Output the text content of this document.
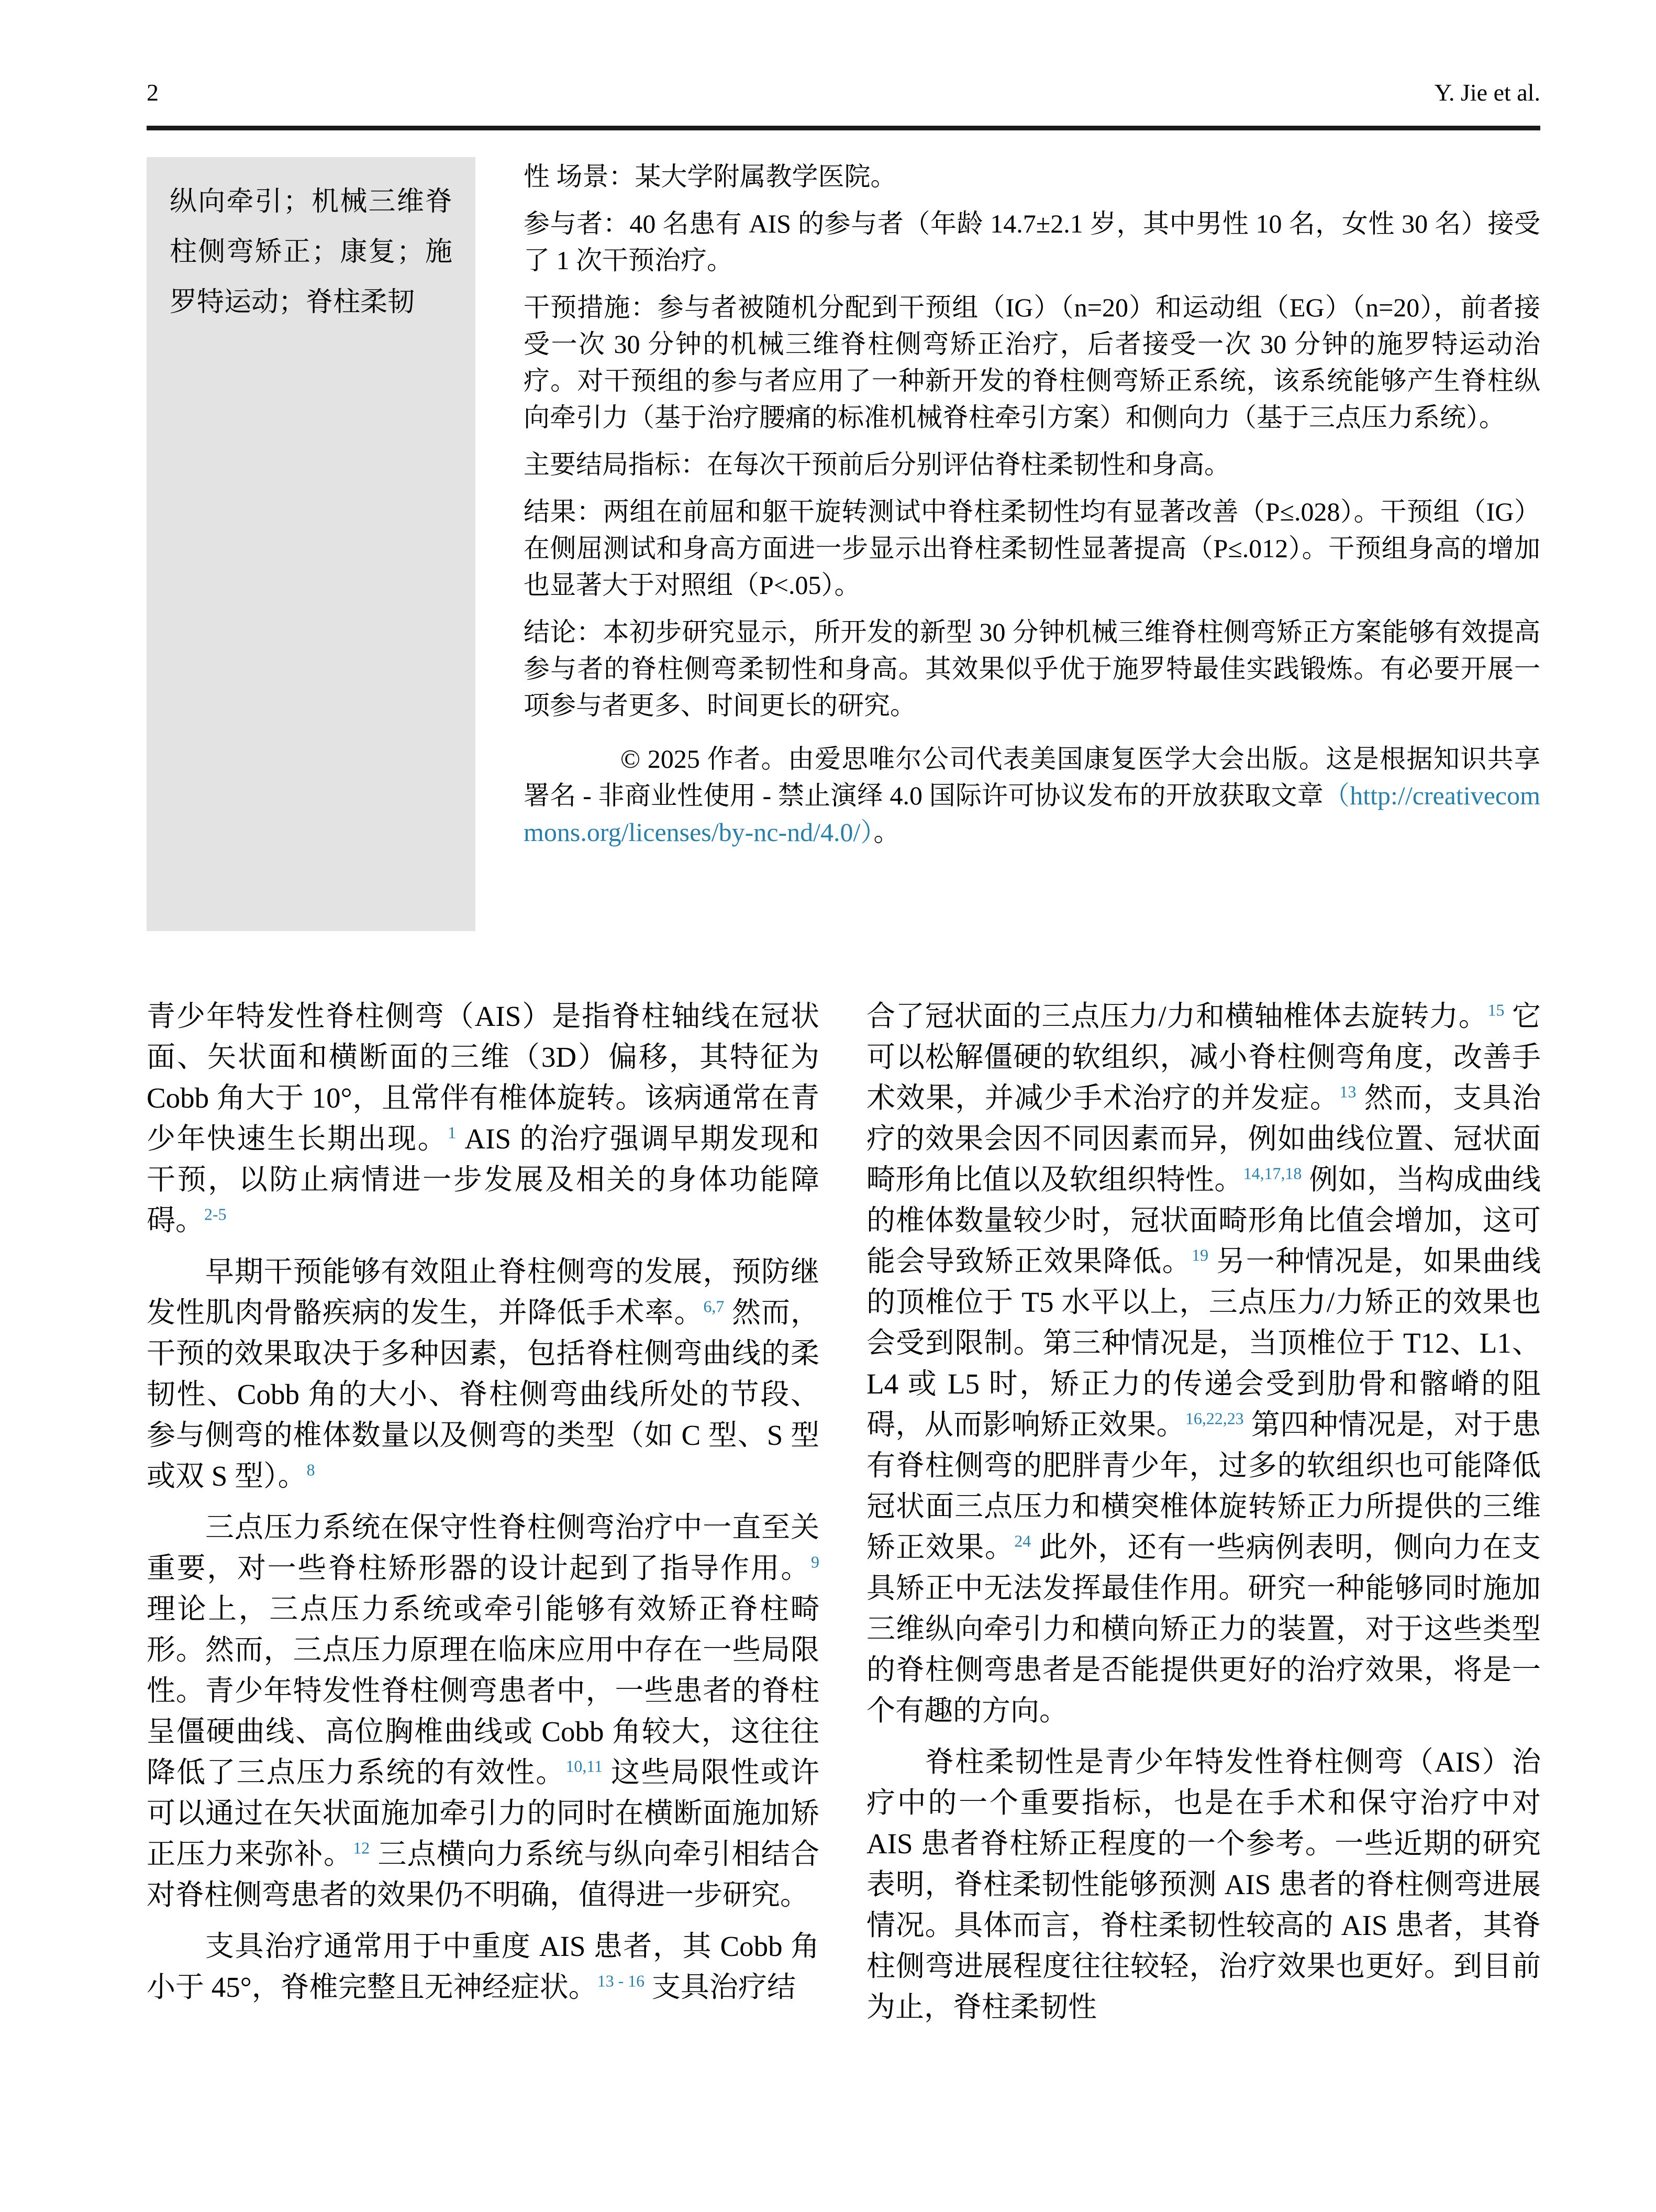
2	Y. Jie et al.
纵向牵引；机械三维脊柱侧弯矫正；康复；施罗特运动；脊柱柔韧

性 场景：某大学附属教学医院。

参与者：40 名患有 AIS 的参与者（年龄 14.7±2.1 岁，其中男性 10 名，女性 30 名）接受了 1 次干预治疗。

干预措施：参与者被随机分配到干预组（IG）（n=20）和运动组（EG）（n=20），前者接受一次 30 分钟的机械三维脊柱侧弯矫正治疗，后者接受一次 30 分钟的施罗特运动治疗。对干预组的参与者应用了一种新开发的脊柱侧弯矫正系统，该系统能够产生脊柱纵向牵引力（基于治疗腰痛的标准机械脊柱牵引方案）和侧向力（基于三点压力系统）。

主要结局指标：在每次干预前后分别评估脊柱柔韧性和身高。

结果：两组在前屈和躯干旋转测试中脊柱柔韧性均有显著改善（P≤.028）。干预组（IG）在侧屈测试和身高方面进一步显示出脊柱柔韧性显著提高（P≤.012）。干预组身高的增加也显著大于对照组（P<.05）。

结论：本初步研究显示，所开发的新型 30 分钟机械三维脊柱侧弯矫正方案能够有效提高参与者的脊柱侧弯柔韧性和身高。其效果似乎优于施罗特最佳实践锻炼。有必要开展一项参与者更多、时间更长的研究。

© 2025 作者。由爱思唯尔公司代表美国康复医学大会出版。这是根据知识共享署名 - 非商业性使用 - 禁止演绎 4.0 国际许可协议发布的开放获取文章（http://creativecommons.org/licenses/by-nc-nd/4.0/）。

青少年特发性脊柱侧弯（AIS）是指脊柱轴线在冠状面、矢状面和横断面的三维（3D）偏移，其特征为 Cobb 角大于 10°，且常伴有椎体旋转。该病通常在青少年快速生长期出现。$^1$ AIS 的治疗强调早期发现和干预，以防止病情进一步发展及相关的身体功能障碍。$^{2-5}$

早期干预能够有效阻止脊柱侧弯的发展，预防继发性肌肉骨骼疾病的发生，并降低手术率。$^{6,7}$ 然而，干预的效果取决于多种因素，包括脊柱侧弯曲线的柔韧性、Cobb 角的大小、脊柱侧弯曲线所处的节段、参与侧弯的椎体数量以及侧弯的类型（如 C 型、S 型或双 S 型）。$^8$

三点压力系统在保守性脊柱侧弯治疗中一直至关重要，对一些脊柱矫形器的设计起到了指导作用。$^9$ 理论上，三点压力系统或牵引能够有效矫正脊柱畸形。然而，三点压力原理在临床应用中存在一些局限性。青少年特发性脊柱侧弯患者中，一些患者的脊柱呈僵硬曲线、高位胸椎曲线或 Cobb 角较大，这往往降低了三点压力系统的有效性。$^{10,11}$ 这些局限性或许可以通过在矢状面施加牵引力的同时在横断面施加矫正压力来弥补。$^{12}$ 三点横向力系统与纵向牵引相结合对脊柱侧弯患者的效果仍不明确，值得进一步研究。

支具治疗通常用于中重度 AIS 患者，其 Cobb 角小于 45°，脊椎完整且无神经症状。$^{13 - 16}$ 支具治疗结

合了冠状面的三点压力/力和横轴椎体去旋转力。$^{15}$ 它可以松解僵硬的软组织，减小脊柱侧弯角度，改善手术效果，并减少手术治疗的并发症。$^{13}$ 然而，支具治疗的效果会因不同因素而异，例如曲线位置、冠状面畸形角比值以及软组织特性。$^{14,17,18}$ 例如，当构成曲线的椎体数量较少时，冠状面畸形角比值会增加，这可能会导致矫正效果降低。$^{19}$ 另一种情况是，如果曲线的顶椎位于 T5 水平以上，三点压力/力矫正的效果也会受到限制。第三种情况是，当顶椎位于 T12、L1、L4 或 L5 时，矫正力的传递会受到肋骨和髂嵴的阻碍，从而影响矫正效果。$^{16,22,23}$ 第四种情况是，对于患有脊柱侧弯的肥胖青少年，过多的软组织也可能降低冠状面三点压力和横突椎体旋转矫正力所提供的三维矫正效果。$^{24}$ 此外，还有一些病例表明，侧向力在支具矫正中无法发挥最佳作用。研究一种能够同时施加三维纵向牵引力和横向矫正力的装置，对于这些类型的脊柱侧弯患者是否能提供更好的治疗效果，将是一个有趣的方向。

脊柱柔韧性是青少年特发性脊柱侧弯（AIS）治疗中的一个重要指标，也是在手术和保守治疗中对 AIS 患者脊柱矫正程度的一个参考。一些近期的研究表明，脊柱柔韧性能够预测 AIS 患者的脊柱侧弯进展情况。具体而言，脊柱柔韧性较高的 AIS 患者，其脊柱侧弯进展程度往往较轻，治疗效果也更好。到目前为止，脊柱柔韧性
